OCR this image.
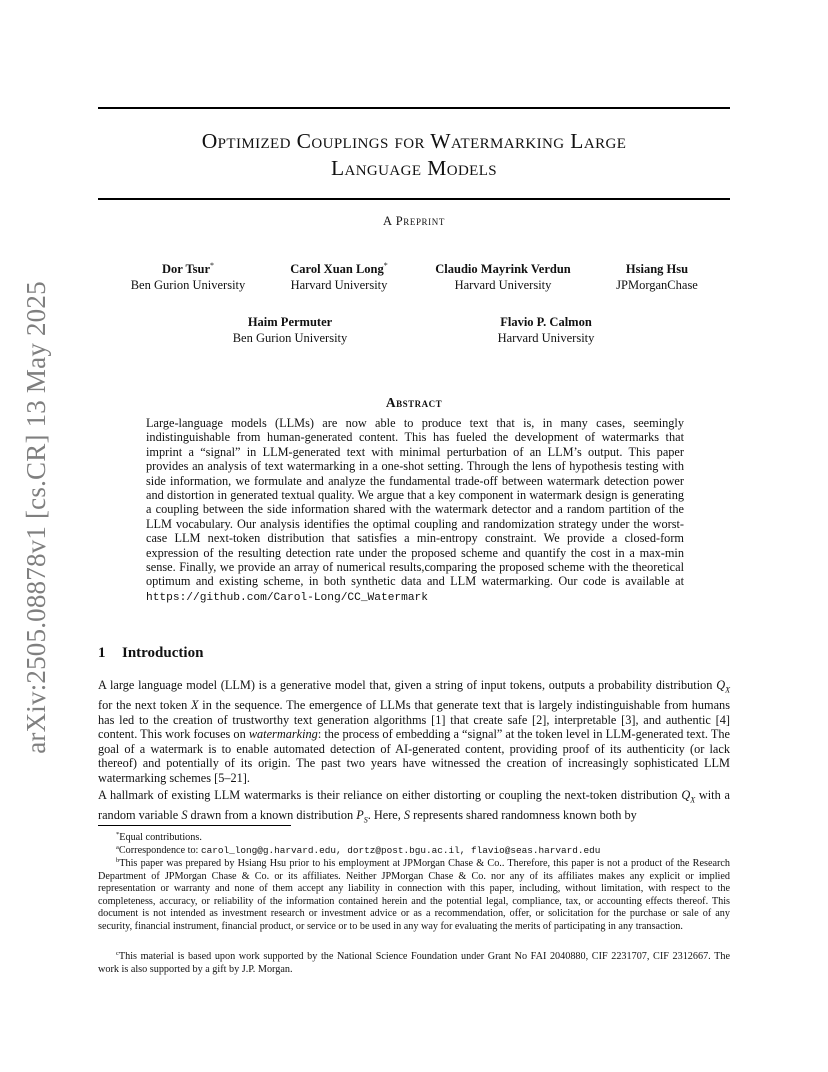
arXiv:2505.08878v1 [cs.CR] 13 May 2025
Optimized Couplings for Watermarking Large
Language Models
A Preprint
Dor Tsur*
Ben Gurion University
Carol Xuan Long*
Harvard University
Claudio Mayrink Verdun
Harvard University
Hsiang Hsu
JPMorganChase
Haim Permuter
Ben Gurion University
Flavio P. Calmon
Harvard University
Abstract
Large-language models (LLMs) are now able to produce text that is, in many cases, seemingly indistinguishable from human-generated content. This has fueled the development of watermarks that imprint a “signal” in LLM-generated text with minimal perturbation of an LLM’s output. This paper provides an analysis of text watermarking in a one-shot setting. Through the lens of hypothesis testing with side information, we formulate and analyze the fundamental trade-off between watermark detection power and distortion in generated textual quality. We argue that a key component in watermark design is generating a coupling between the side information shared with the watermark detector and a random partition of the LLM vocabulary. Our analysis identifies the optimal coupling and randomization strategy under the worst-case LLM next-token distribution that satisfies a min-entropy constraint. We provide a closed-form expression of the resulting detection rate under the proposed scheme and quantify the cost in a max-min sense. Finally, we provide an array of numerical results,comparing the proposed scheme with the theoretical optimum and existing scheme, in both synthetic data and LLM watermarking. Our code is available at https://github.com/Carol-Long/CC_Watermark
1 Introduction
A large language model (LLM) is a generative model that, given a string of input tokens, outputs a probability distribution $Q_X$ for the next token X in the sequence. The emergence of LLMs that generate text that is largely indistinguishable from humans has led to the creation of trustworthy text generation algorithms [1] that create safe [2], interpretable [3], and authentic [4] content. This work focuses on watermarking: the process of embedding a “signal” at the token level in LLM-generated text. The goal of a watermark is to enable automated detection of AI-generated content, providing proof of its authenticity (or lack thereof) and potentially of its origin. The past two years have witnessed the creation of increasingly sophisticated LLM watermarking schemes [5–21].
A hallmark of existing LLM watermarks is their reliance on either distorting or coupling the next-token distribution $Q_X$ with a random variable S drawn from a known distribution $P_S$. Here, S represents shared randomness known both by
*Equal contributions.
$^a$Correspondence to: carol_long@g.harvard.edu, dortz@post.bgu.ac.il, flavio@seas.harvard.edu
$^b$This paper was prepared by Hsiang Hsu prior to his employment at JPMorgan Chase & Co.. Therefore, this paper is not a product of the Research Department of JPMorgan Chase & Co. or its affiliates. Neither JPMorgan Chase & Co. nor any of its affiliates makes any explicit or implied representation or warranty and none of them accept any liability in connection with this paper, including, without limitation, with respect to the completeness, accuracy, or reliability of the information contained herein and the potential legal, compliance, tax, or accounting effects thereof. This document is not intended as investment research or investment advice or as a recommendation, offer, or solicitation for the purchase or sale of any security, financial instrument, financial product, or service or to be used in any way for evaluating the merits of participating in any transaction.
$^c$This material is based upon work supported by the National Science Foundation under Grant No FAI 2040880, CIF 2231707, CIF 2312667. The work is also supported by a gift by J.P. Morgan.
